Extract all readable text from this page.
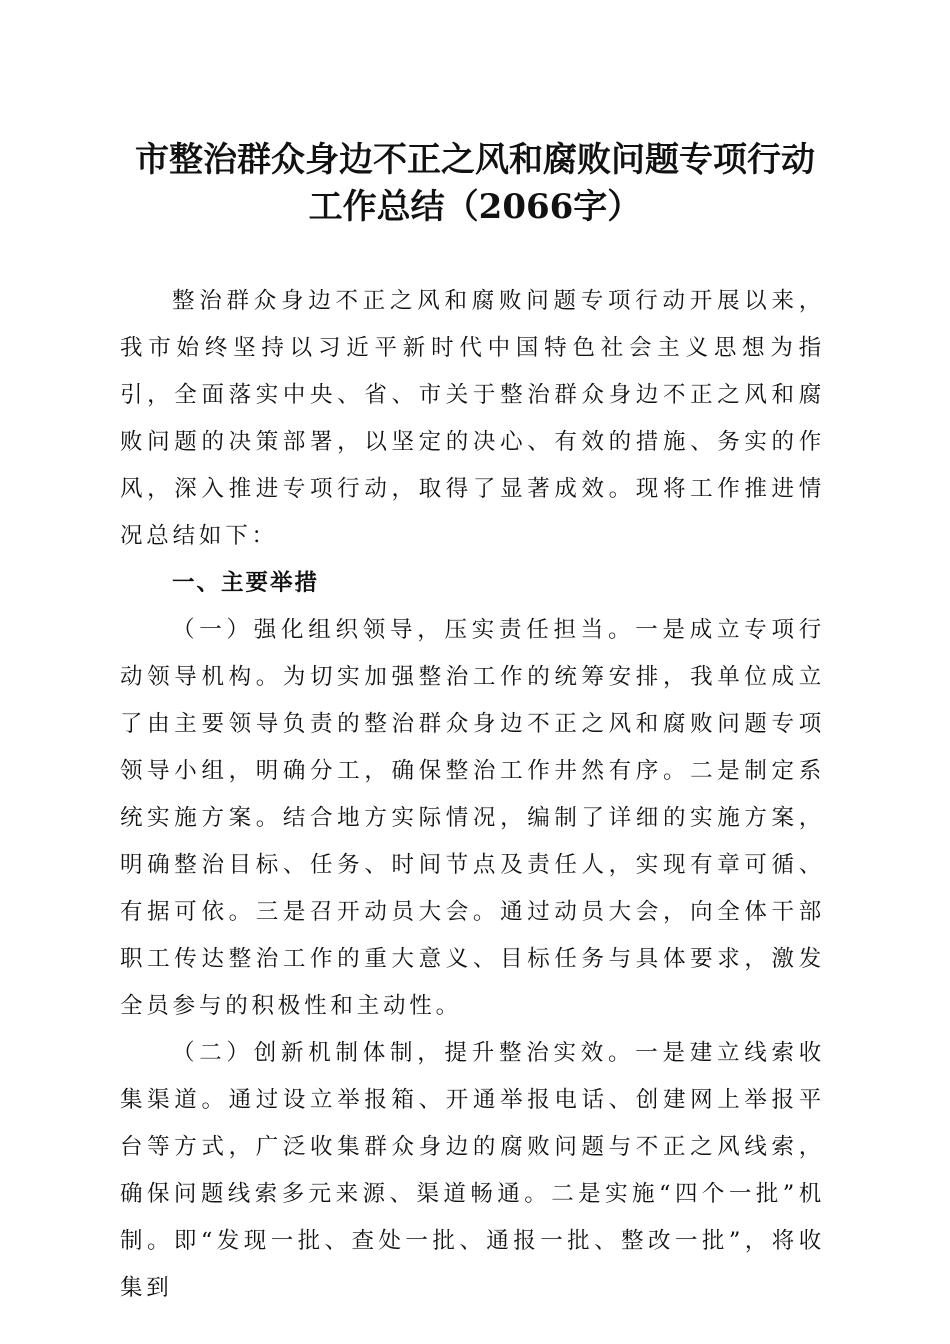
市整治群众身边不正之风和腐败问题专项行动
工作总结（2066字）

整治群众身边不正之风和腐败问题专项行动开展以来，我市始终坚持以习近平新时代中国特色社会主义思想为指引，全面落实中央、省、市关于整治群众身边不正之风和腐败问题的决策部署，以坚定的决心、有效的措施、务实的作风，深入推进专项行动，取得了显著成效。现将工作推进情况总结如下：

一、主要举措

（一）强化组织领导，压实责任担当。一是成立专项行动领导机构。为切实加强整治工作的统筹安排，我单位成立了由主要领导负责的整治群众身边不正之风和腐败问题专项领导小组，明确分工，确保整治工作井然有序。二是制定系统实施方案。结合地方实际情况，编制了详细的实施方案，明确整治目标、任务、时间节点及责任人，实现有章可循、有据可依。三是召开动员大会。通过动员大会，向全体干部职工传达整治工作的重大意义、目标任务与具体要求，激发全员参与的积极性和主动性。

（二）创新机制体制，提升整治实效。一是建立线索收集渠道。通过设立举报箱、开通举报电话、创建网上举报平台等方式，广泛收集群众身边的腐败问题与不正之风线索，确保问题线索多元来源、渠道畅通。二是实施“四个一批”机制。即“发现一批、查处一批、通报一批、整改一批”，将收集到
